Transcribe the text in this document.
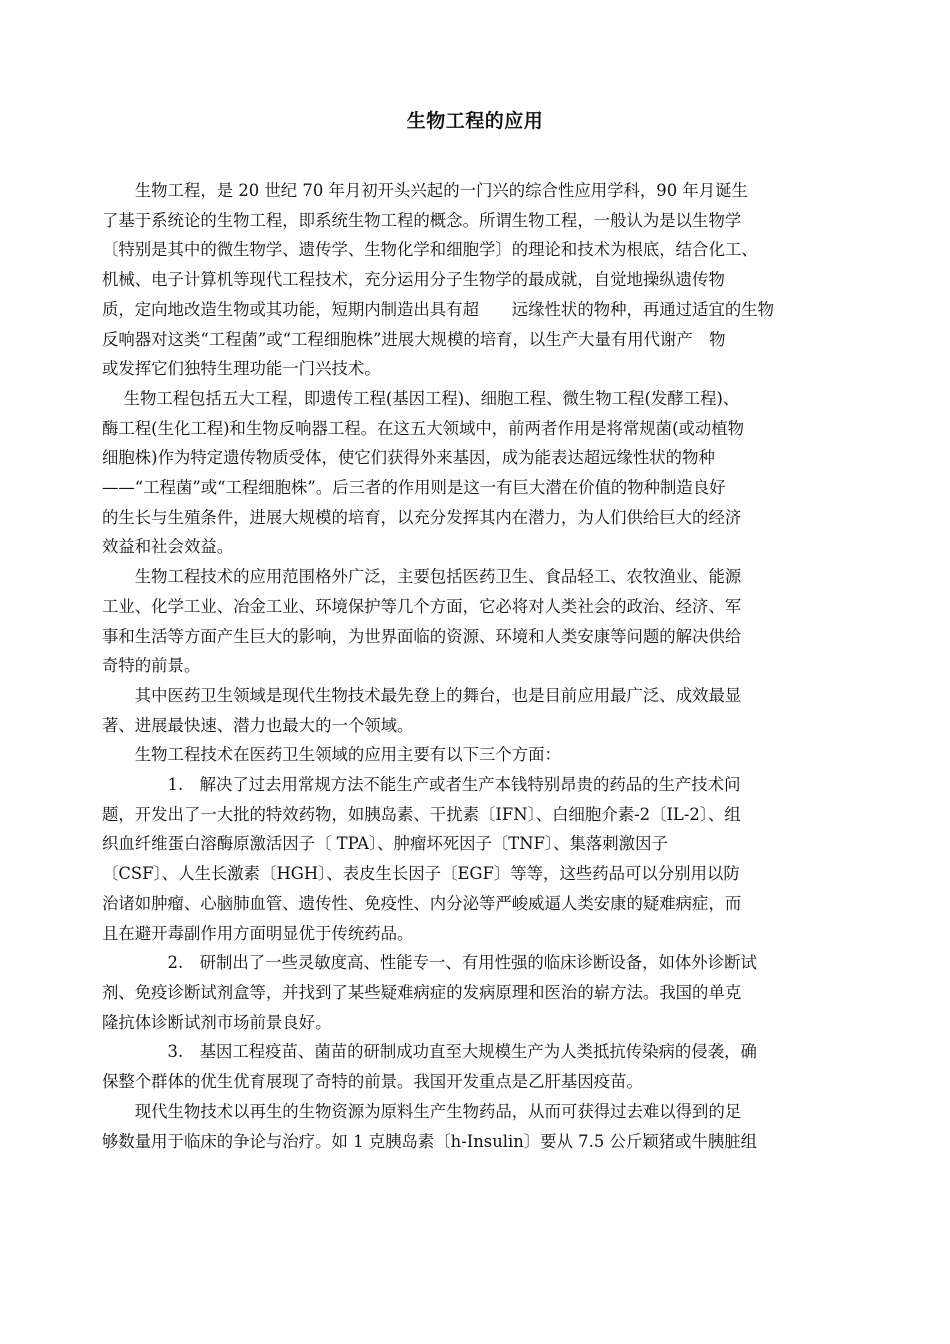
生物工程的应用

　　生物工程，是 20 世纪 70 年月初开头兴起的一门兴的综合性应用学科，90 年月诞生

了基于系统论的生物工程，即系统生物工程的概念。所谓生物工程，一般认为是以生物学

〔特别是其中的微生物学、遗传学、生物化学和细胞学〕的理论和技术为根底，结合化工、

机械、电子计算机等现代工程技术，充分运用分子生物学的最成就，自觉地操纵遗传物

质，定向地改造生物或其功能，短期内制造出具有超　　远缘性状的物种，再通过适宜的生物

反响器对这类“工程菌”或“工程细胞株”进展大规模的培育，以生产大量有用代谢产　物

或发挥它们独特生理功能一门兴技术。

　 生物工程包括五大工程，即遗传工程(基因工程)、细胞工程、微生物工程(发酵工程)、

酶工程(生化工程)和生物反响器工程。在这五大领域中，前两者作用是将常规菌(或动植物

细胞株)作为特定遗传物质受体，使它们获得外来基因，成为能表达超远缘性状的物种

——“工程菌”或“工程细胞株”。后三者的作用则是这一有巨大潜在价值的物种制造良好

的生长与生殖条件，进展大规模的培育，以充分发挥其内在潜力，为人们供给巨大的经济

效益和社会效益。

　　生物工程技术的应用范围格外广泛，主要包括医药卫生、食品轻工、农牧渔业、能源

工业、化学工业、冶金工业、环境保护等几个方面，它必将对人类社会的政治、经济、军

事和生活等方面产生巨大的影响，为世界面临的资源、环境和人类安康等问题的解决供给

奇特的前景。

　　其中医药卫生领域是现代生物技术最先登上的舞台，也是目前应用最广泛、成效最显

著、进展最快速、潜力也最大的一个领域。

　　生物工程技术在医药卫生领域的应用主要有以下三个方面：

　　　　1.　解决了过去用常规方法不能生产或者生产本钱特别昂贵的药品的生产技术问

题，开发出了一大批的特效药物，如胰岛素、干扰素〔IFN〕、白细胞介素-2〔IL-2〕、组

织血纤维蛋白溶酶原激活因子〔 TPA〕、肿瘤坏死因子〔TNF〕、集落刺激因子

〔CSF〕、人生长激素〔HGH〕、表皮生长因子〔EGF〕等等，这些药品可以分别用以防

治诸如肿瘤、心脑肺血管、遗传性、免疫性、内分泌等严峻威逼人类安康的疑难病症，而

且在避开毒副作用方面明显优于传统药品。

　　　　2.　研制出了一些灵敏度高、性能专一、有用性强的临床诊断设备，如体外诊断试

剂、免疫诊断试剂盒等，并找到了某些疑难病症的发病原理和医治的崭方法。我国的单克

隆抗体诊断试剂市场前景良好。

　　　　3.　基因工程疫苗、菌苗的研制成功直至大规模生产为人类抵抗传染病的侵袭，确

保整个群体的优生优育展现了奇特的前景。我国开发重点是乙肝基因疫苗。

　　现代生物技术以再生的生物资源为原料生产生物药品，从而可获得过去难以得到的足

够数量用于临床的争论与治疗。如 1 克胰岛素〔h-Insulin〕要从 7.5 公斤颖猪或牛胰脏组
